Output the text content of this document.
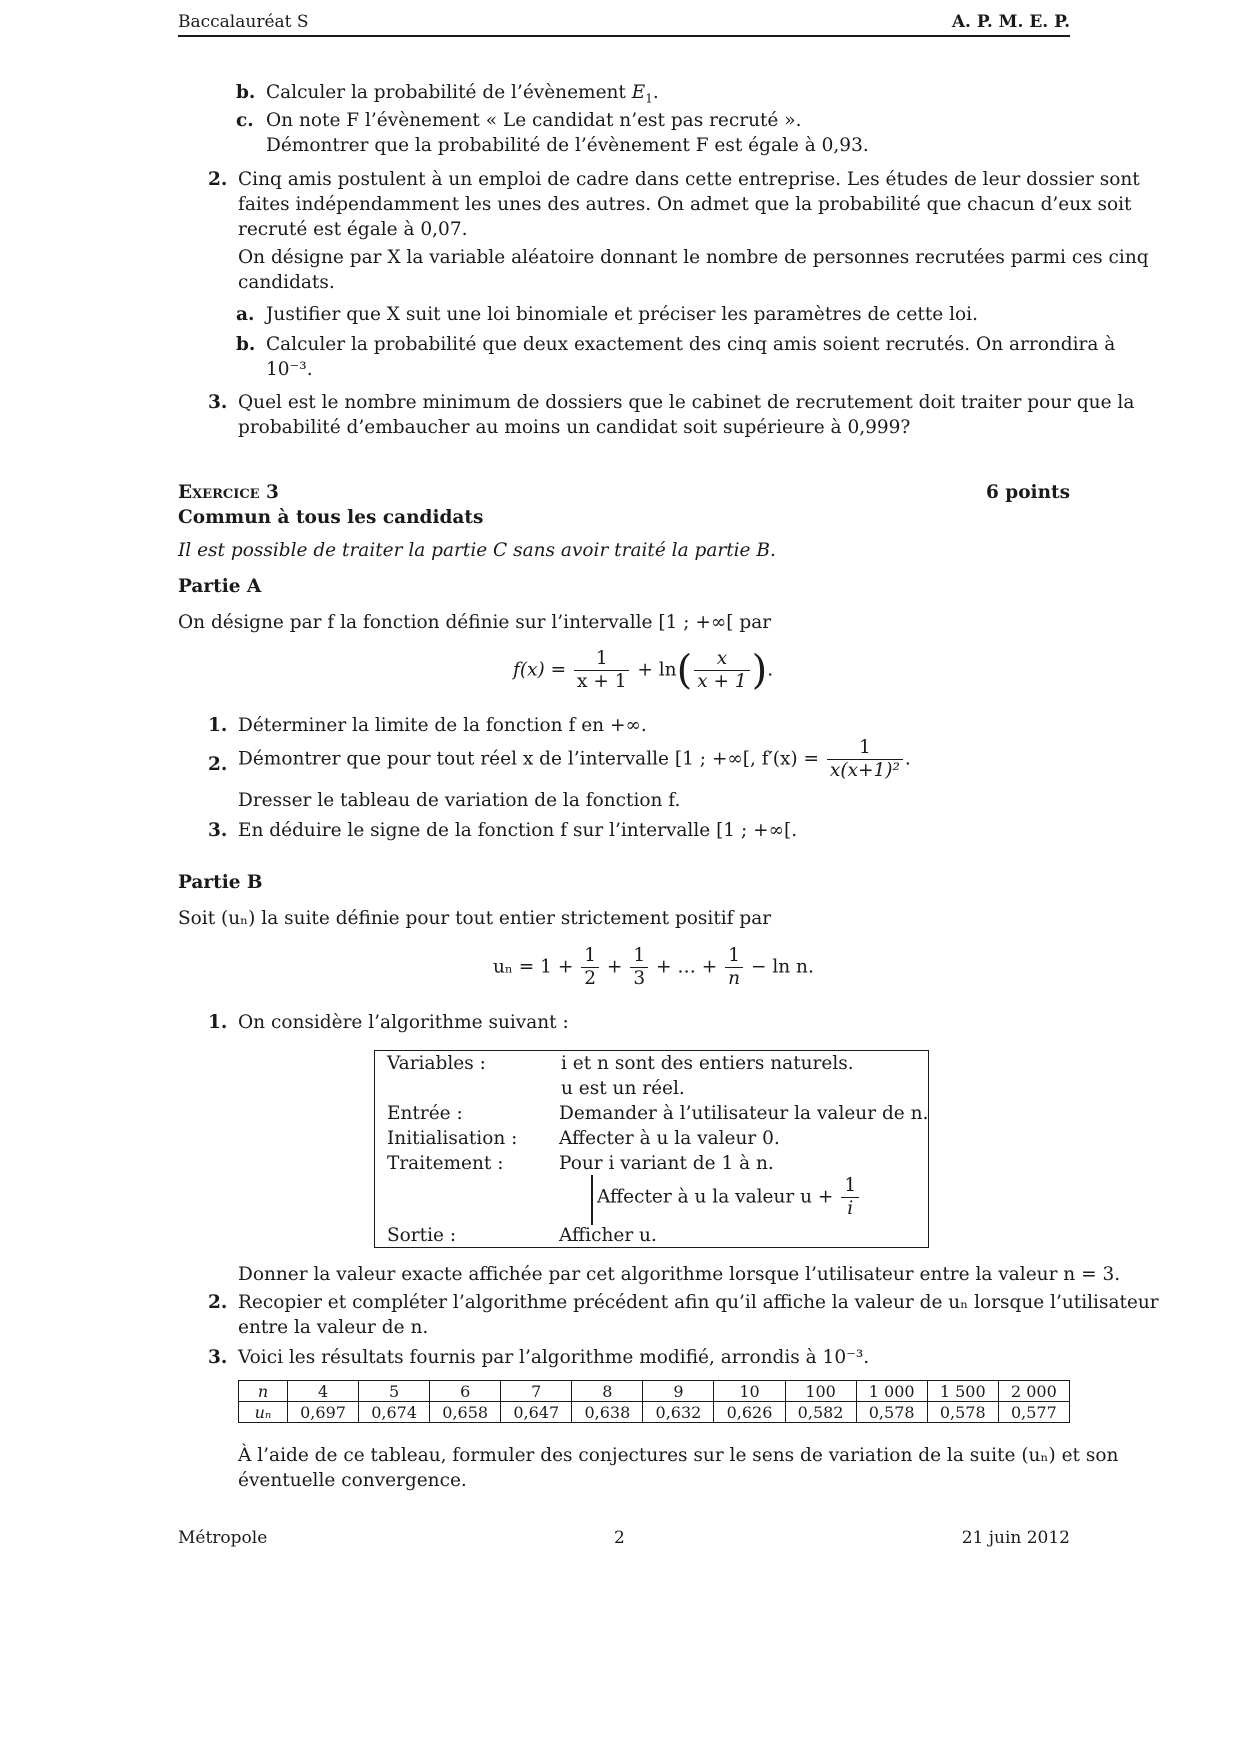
Baccalauréat S	A. P. M. E. P.
b. Calculer la probabilité de l’évènement $E_1$.
c. On note F l’évènement « Le candidat n’est pas recruté ».
Démontrer que la probabilité de l’évènement F est égale à 0,93.
2. Cinq amis postulent à un emploi de cadre dans cette entreprise. Les études de leur dossier sont
faites indépendamment les unes des autres. On admet que la probabilité que chacun d’eux soit
recruté est égale à 0,07.
On désigne par X la variable aléatoire donnant le nombre de personnes recrutées parmi ces cinq
candidats.
a. Justifier que X suit une loi binomiale et préciser les paramètres de cette loi.
b. Calculer la probabilité que deux exactement des cinq amis soient recrutés. On arrondira à
10⁻³.
3. Quel est le nombre minimum de dossiers que le cabinet de recrutement doit traiter pour que la
probabilité d’embaucher au moins un candidat soit supérieure à 0,999?
Exercice 3	6 points
Commun à tous les candidats
Il est possible de traiter la partie C sans avoir traité la partie B.
Partie A
On désigne par f la fonction définie sur l’intervalle [1 ; +∞[ par
$f(x) = \frac{1}{x + 1} + \ln( \frac{x}{x + 1}$ ).
1. Déterminer la limite de la fonction f en +∞.
2. Démontrer que pour tout réel x de l’intervalle [1 ; +∞[, $f'(x) = \frac{1}{\text{x(x+1)²}}$ .
Dresser le tableau de variation de la fonction f.
3. En déduire le signe de la fonction f sur l’intervalle [1 ; +∞[.
Partie B
Soit (uₙ) la suite définie pour tout entier strictement positif par
$u_n = 1 + \frac{1}{2} + \frac{1}{3}$ + … + $\frac{1}{n} - \ln n$.
1. On considère l’algorithme suivant :
Variables :	i et n sont des entiers naturels.
u est un réel.
Entrée :	Demander à l’utilisateur la valeur de n.
Initialisation : Affecter à u la valeur 0.
Traitement :	Pour i variant de 1 à n.
Affecter à u la valeur $u + \frac{1}{i}$
Sortie :	Afficher u.
Donner la valeur exacte affichée par cet algorithme lorsque l’utilisateur entre la valeur n = 3.
2. Recopier et compléter l’algorithme précédent afin qu’il affiche la valeur de uₙ lorsque l’utilisateur
entre la valeur de n.
3. Voici les résultats fournis par l’algorithme modifié, arrondis à 10⁻³.
n	4	5	6	7	8	9	10	100	1 000	1 500	2 000
uₙ	0,697	0,674	0,658	0,647	0,638	0,632	0,626	0,582	0,578	0,578	0,577
À l’aide de ce tableau, formuler des conjectures sur le sens de variation de la suite (uₙ) et son
éventuelle convergence.
Métropole	2	21 juin 2012
